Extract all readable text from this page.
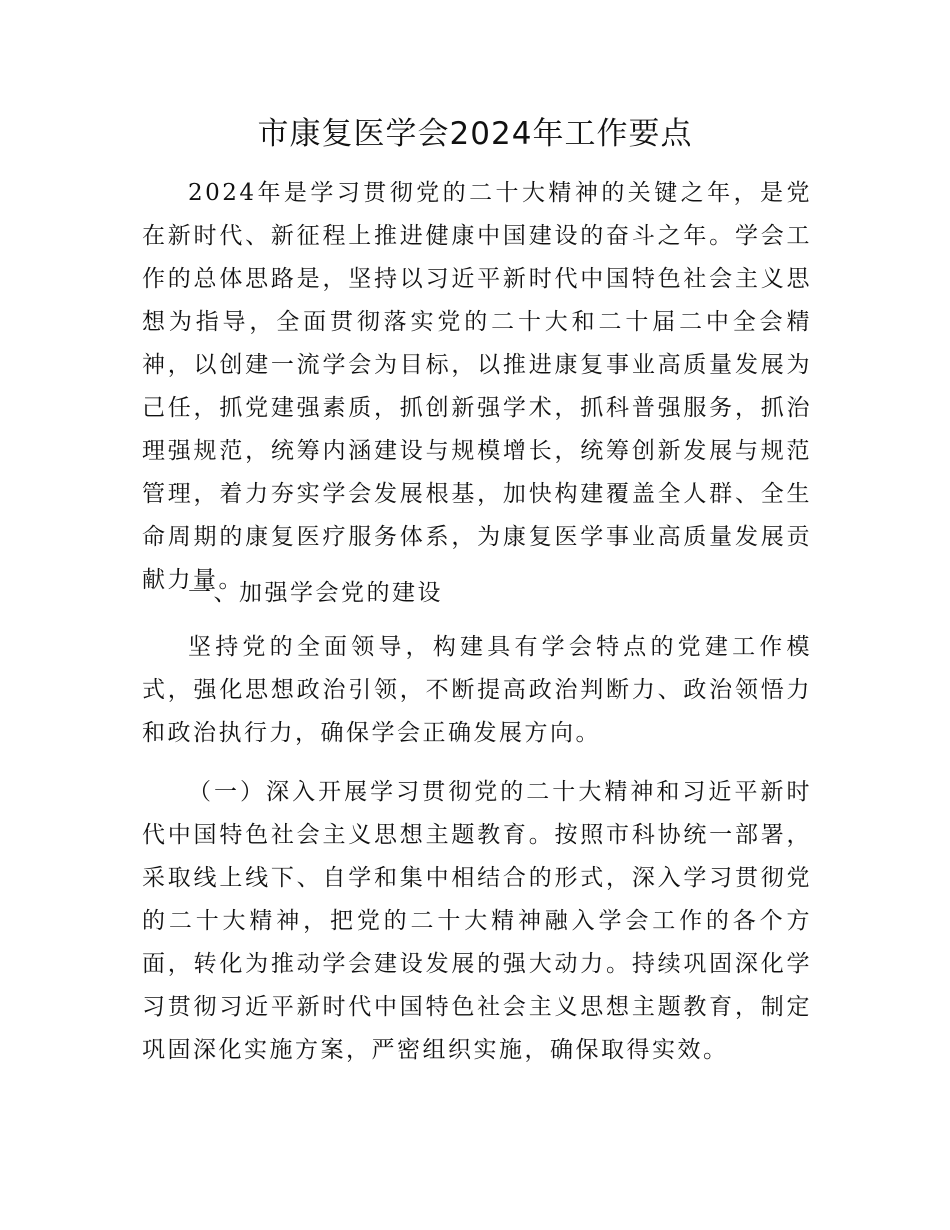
市康复医学会2024年工作要点
2024年是学习贯彻党的二十大精神的关键之年，是党在新时代、新征程上推进健康中国建设的奋斗之年。学会工作的总体思路是，坚持以习近平新时代中国特色社会主义思想为指导，全面贯彻落实党的二十大和二十届二中全会精神，以创建一流学会为目标，以推进康复事业高质量发展为己任，抓党建强素质，抓创新强学术，抓科普强服务，抓治理强规范，统筹内涵建设与规模增长，统筹创新发展与规范管理，着力夯实学会发展根基，加快构建覆盖全人群、全生命周期的康复医疗服务体系，为康复医学事业高质量发展贡献力量。
一、加强学会党的建设
坚持党的全面领导，构建具有学会特点的党建工作模式，强化思想政治引领，不断提高政治判断力、政治领悟力和政治执行力，确保学会正确发展方向。
（一）深入开展学习贯彻党的二十大精神和习近平新时代中国特色社会主义思想主题教育。按照市科协统一部署，采取线上线下、自学和集中相结合的形式，深入学习贯彻党的二十大精神，把党的二十大精神融入学会工作的各个方面，转化为推动学会建设发展的强大动力。持续巩固深化学习贯彻习近平新时代中国特色社会主义思想主题教育，制定巩固深化实施方案，严密组织实施，确保取得实效。
